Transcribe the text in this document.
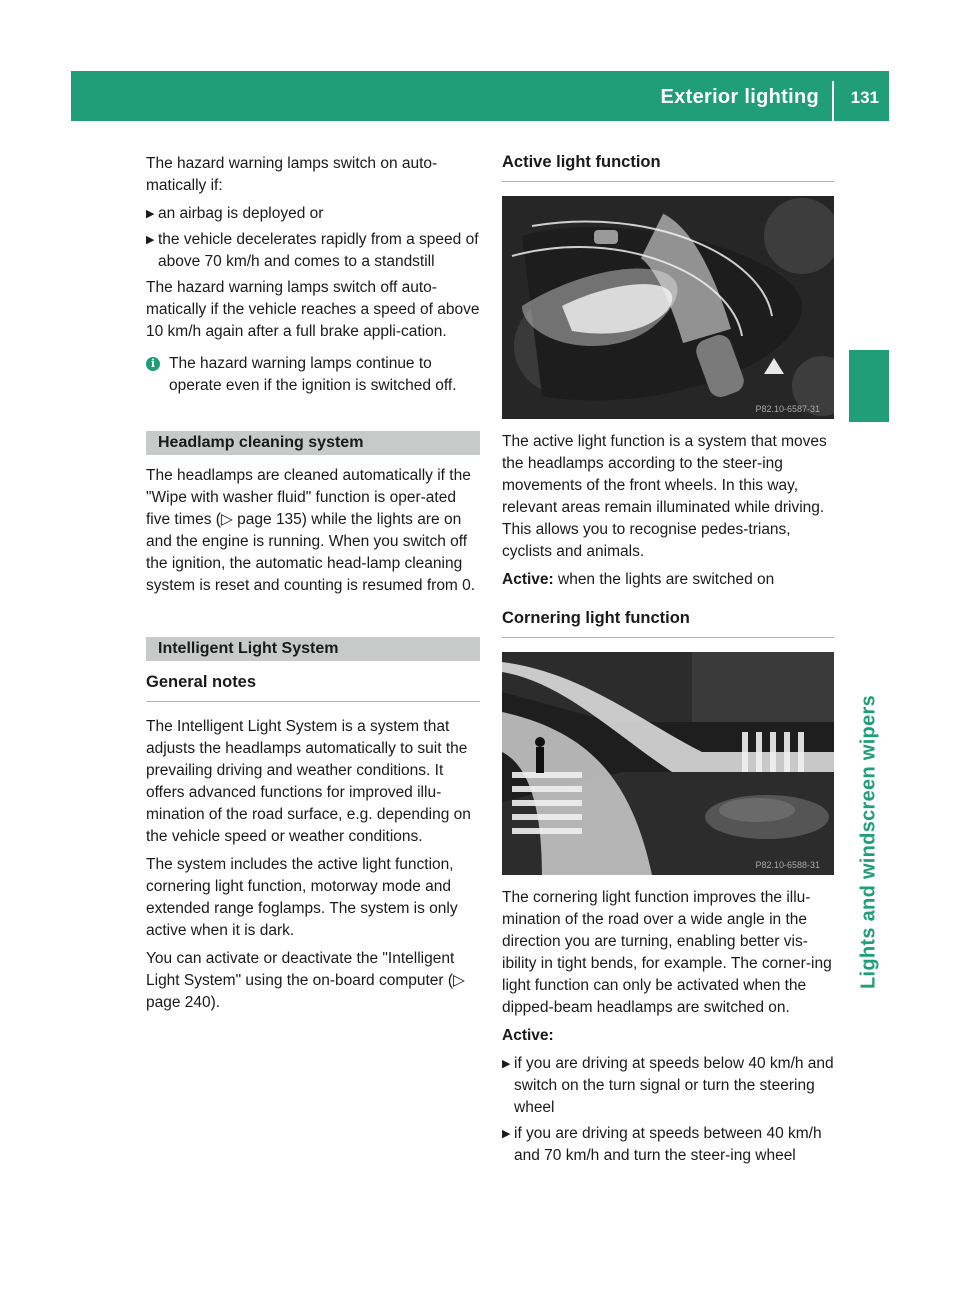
Exterior lighting 131
Lights and windscreen wipers

The hazard warning lamps switch on auto-matically if:

▶ an airbag is deployed or
▶ the vehicle decelerates rapidly from a speed of above 70 km/h and comes to a standstill

The hazard warning lamps switch off auto-matically if the vehicle reaches a speed of above 10 km/h again after a full brake appli-cation.

i The hazard warning lamps continue to operate even if the ignition is switched off.
Headlamp cleaning system

The headlamps are cleaned automatically if the "Wipe with washer fluid" function is oper-ated five times (▷ page 135) while the lights are on and the engine is running. When you switch off the ignition, the automatic head-lamp cleaning system is reset and counting is resumed from 0.

Intelligent Light System
General notes

The Intelligent Light System is a system that adjusts the headlamps automatically to suit the prevailing driving and weather conditions. It offers advanced functions for improved illu-mination of the road surface, e.g. depending on the vehicle speed or weather conditions.

The system includes the active light function, cornering light function, motorway mode and extended range foglamps. The system is only active when it is dark.

You can activate or deactivate the "Intelligent Light System" using the on-board computer (▷ page 240).

Active light function
P82.10-6587-31

The active light function is a system that moves the headlamps according to the steer-ing movements of the front wheels. In this way, relevant areas remain illuminated while driving. This allows you to recognise pedes-trians, cyclists and animals.

Active: when the lights are switched on

Cornering light function
P82.10-6588-31

The cornering light function improves the illu-mination of the road over a wide angle in the direction you are turning, enabling better vis-ibility in tight bends, for example. The corner-ing light function can only be activated when the dipped-beam headlamps are switched on.

Active:

▶ if you are driving at speeds below 40 km/h and switch on the turn signal or turn the steering wheel
▶ if you are driving at speeds between 40 km/h and 70 km/h and turn the steer-ing wheel
